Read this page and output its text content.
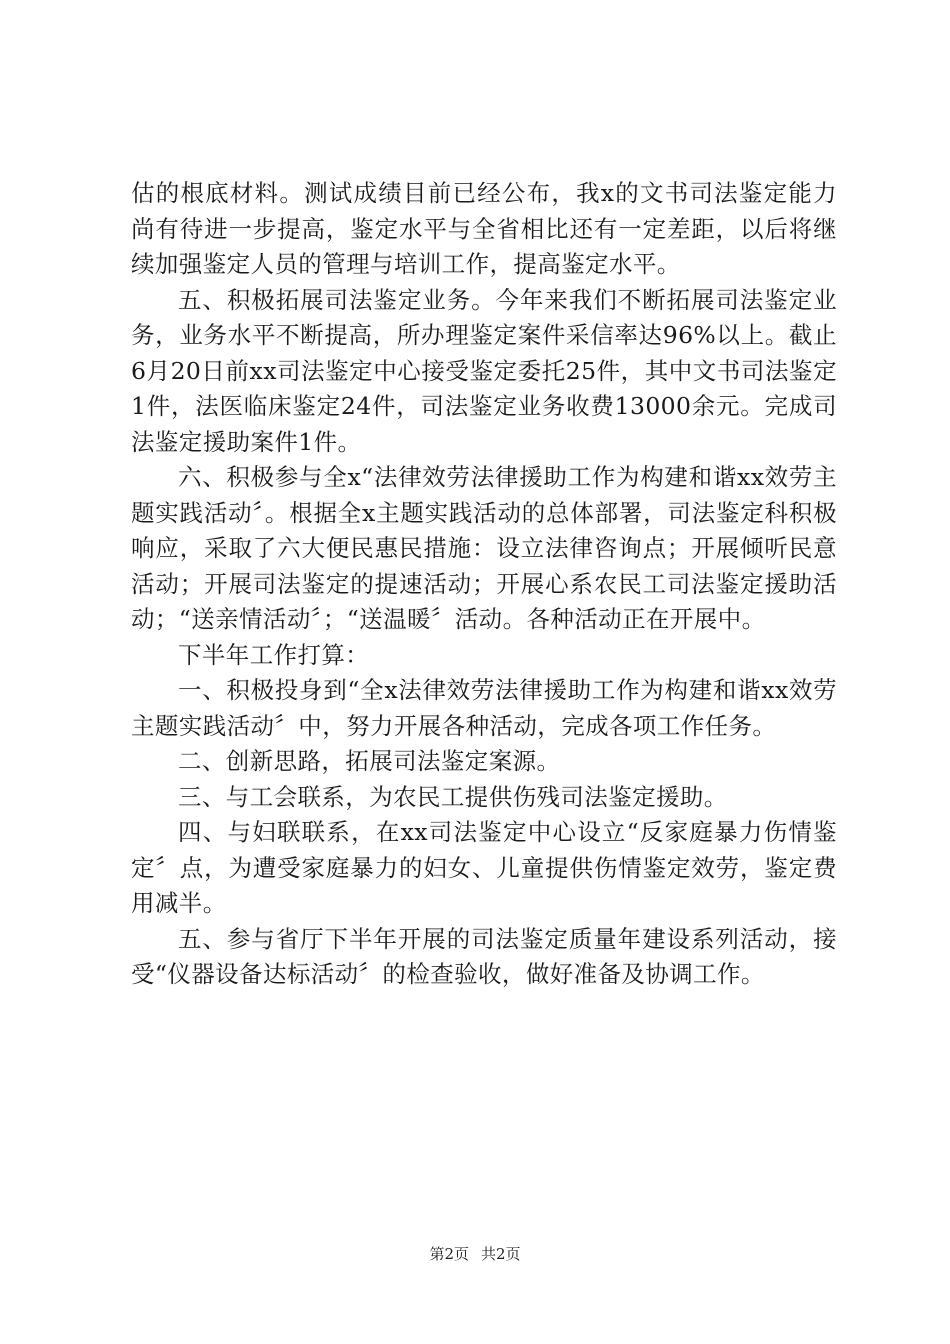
估的根底材料。测试成绩目前已经公布，我x的文书司法鉴定能力尚有待进一步提高，鉴定水平与全省相比还有一定差距，以后将继续加强鉴定人员的管理与培训工作，提高鉴定水平。

五、积极拓展司法鉴定业务。今年来我们不断拓展司法鉴定业务，业务水平不断提高，所办理鉴定案件采信率达96%以上。截止6月20日前xx司法鉴定中心接受鉴定委托25件，其中文书司法鉴定1件，法医临床鉴定24件，司法鉴定业务收费13000余元。完成司法鉴定援助案件1件。

六、积极参与全x“法律效劳法律援助工作为构建和谐xx效劳主题实践活动〞。根据全x主题实践活动的总体部署，司法鉴定科积极响应，采取了六大便民惠民措施：设立法律咨询点；开展倾听民意活动；开展司法鉴定的提速活动；开展心系农民工司法鉴定援助活动；“送亲情活动〞；“送温暖〞活动。各种活动正在开展中。

下半年工作打算：

一、积极投身到“全x法律效劳法律援助工作为构建和谐xx效劳主题实践活动〞中，努力开展各种活动，完成各项工作任务。

二、创新思路，拓展司法鉴定案源。

三、与工会联系，为农民工提供伤残司法鉴定援助。

四、与妇联联系，在xx司法鉴定中心设立“反家庭暴力伤情鉴定〞点，为遭受家庭暴力的妇女、儿童提供伤情鉴定效劳，鉴定费用减半。

五、参与省厅下半年开展的司法鉴定质量年建设系列活动，接受“仪器设备达标活动〞的检查验收，做好准备及协调工作。

第2页 共2页
